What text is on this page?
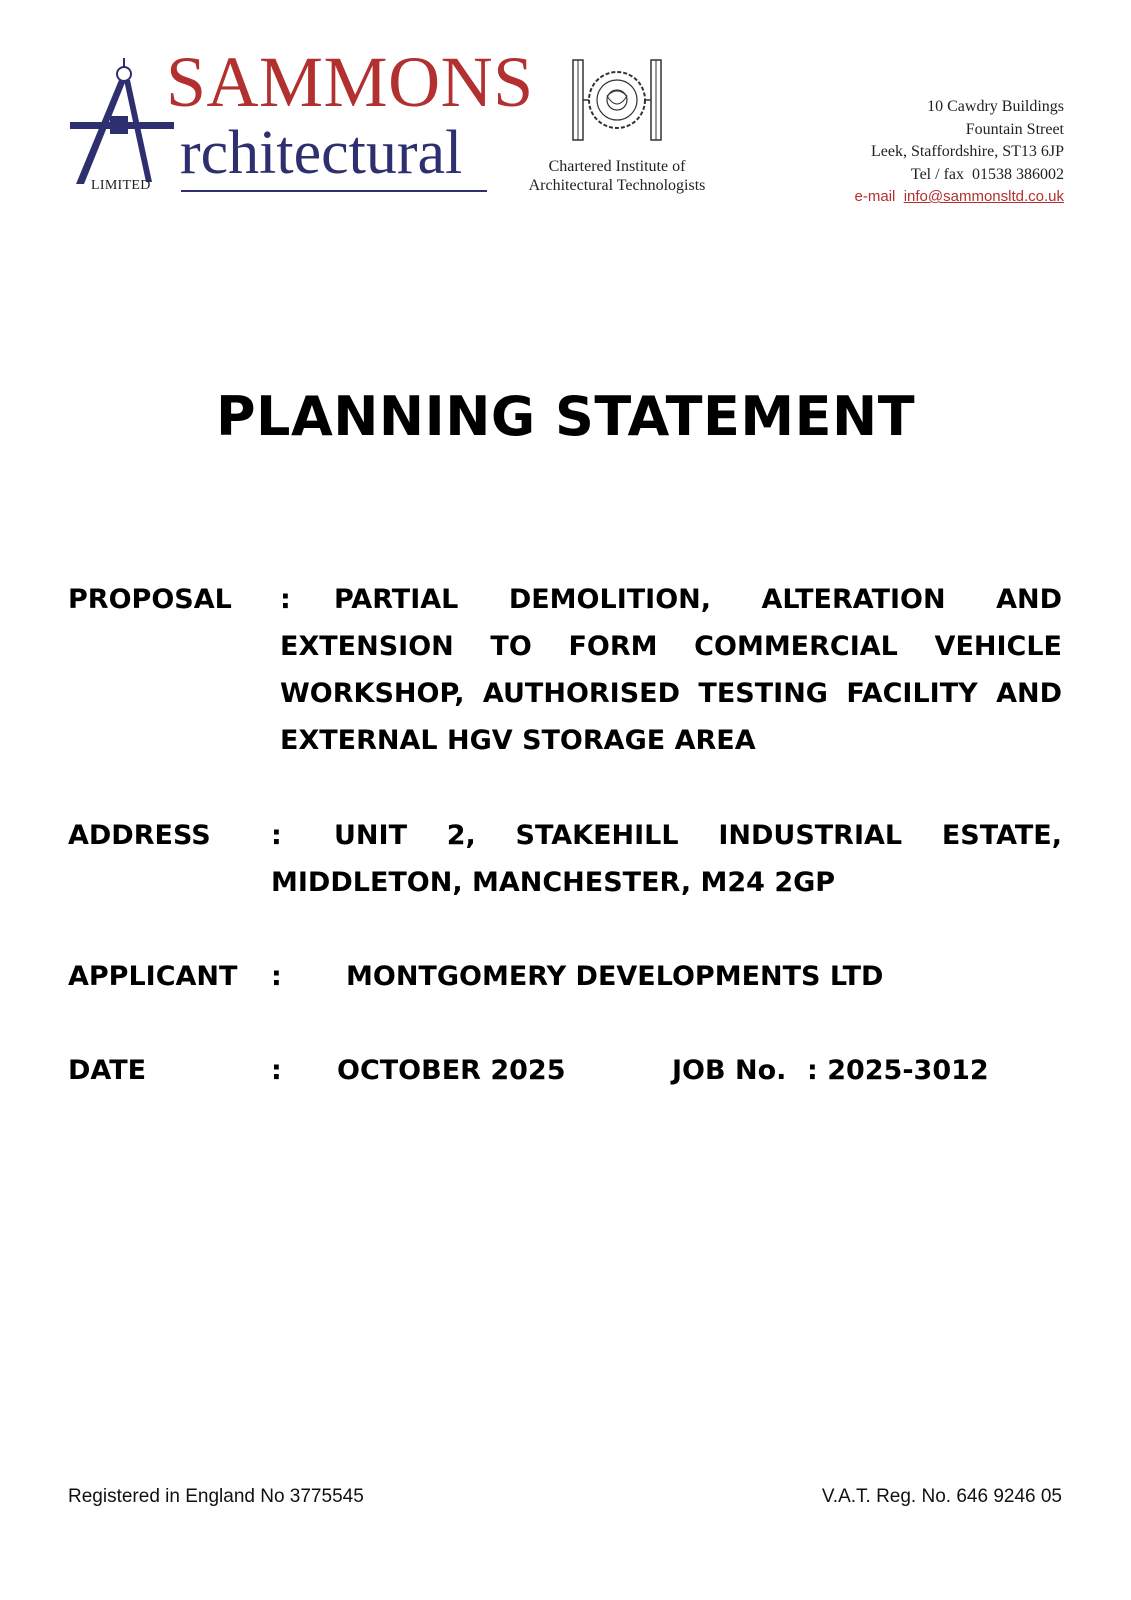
SAMMONS
rchitectural
LIMITED
Chartered Institute of
Architectural Technologists
10 Cawdry Buildings
Fountain Street
Leek, Staffordshire, ST13 6JP
Tel / fax  01538 386002
e-mail info@sammonsltd.co.uk
PLANNING STATEMENT
PROPOSAL : PARTIAL DEMOLITION, ALTERATION AND
EXTENSION TO FORM COMMERCIAL VEHICLE
WORKSHOP, AUTHORISED TESTING FACILITY AND
EXTERNAL HGV STORAGE AREA
ADDRESS : UNIT 2, STAKEHILL INDUSTRIAL ESTATE,
MIDDLETON, MANCHESTER, M24 2GP
APPLICANT : MONTGOMERY DEVELOPMENTS LTD
DATE	: OCTOBER 2025	JOB No. : 2025-3012
Registered in England No 3775545	V.A.T. Reg. No. 646 9246 05
